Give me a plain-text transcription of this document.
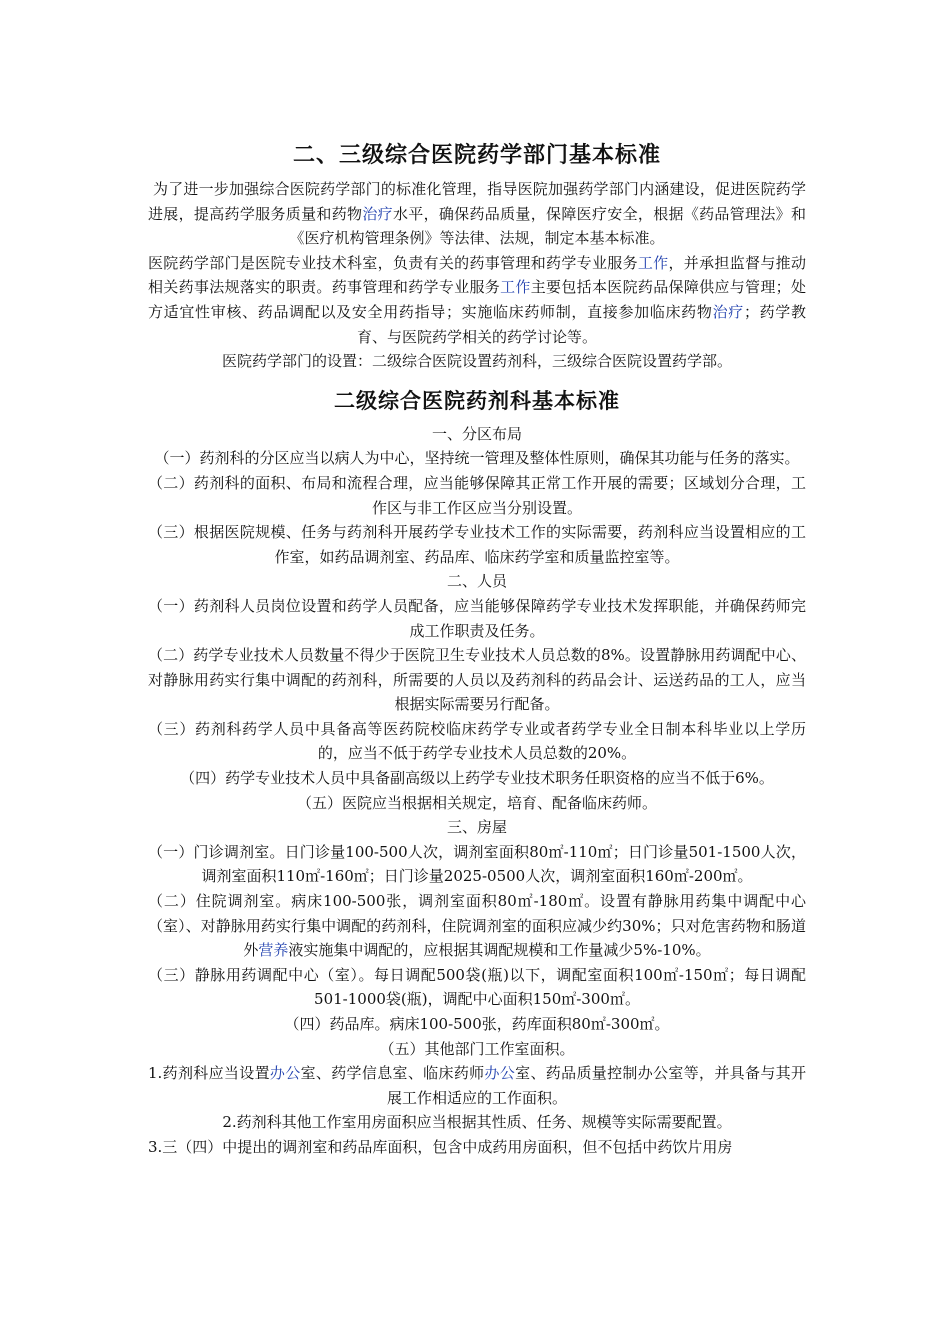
二、三级综合医院药学部门基本标准

为了进一步加强综合医院药学部门的标准化管理，指导医院加强药学部门内涵建设，促进医院药学进展，提高药学服务质量和药物治疗水平，确保药品质量，保障医疗安全，根据《药品管理法》和《医疗机构管理条例》等法律、法规，制定本基本标准。

医院药学部门是医院专业技术科室，负责有关的药事管理和药学专业服务工作，并承担监督与推动相关药事法规落实的职责。药事管理和药学专业服务工作主要包括本医院药品保障供应与管理；处方适宜性审核、药品调配以及安全用药指导；实施临床药师制，直接参加临床药物治疗；药学教育、与医院药学相关的药学讨论等。

医院药学部门的设置：二级综合医院设置药剂科，三级综合医院设置药学部。

二级综合医院药剂科基本标准

一、分区布局

（一）药剂科的分区应当以病人为中心，坚持统一管理及整体性原则，确保其功能与任务的落实。

（二）药剂科的面积、布局和流程合理，应当能够保障其正常工作开展的需要；区域划分合理，工作区与非工作区应当分别设置。

（三）根据医院规模、任务与药剂科开展药学专业技术工作的实际需要，药剂科应当设置相应的工作室，如药品调剂室、药品库、临床药学室和质量监控室等。

二、人员

（一）药剂科人员岗位设置和药学人员配备，应当能够保障药学专业技术发挥职能，并确保药师完成工作职责及任务。

（二）药学专业技术人员数量不得少于医院卫生专业技术人员总数的8%。设置静脉用药调配中心、对静脉用药实行集中调配的药剂科，所需要的人员以及药剂科的药品会计、运送药品的工人，应当根据实际需要另行配备。

（三）药剂科药学人员中具备高等医药院校临床药学专业或者药学专业全日制本科毕业以上学历的，应当不低于药学专业技术人员总数的20%。

（四）药学专业技术人员中具备副高级以上药学专业技术职务任职资格的应当不低于6%。

（五）医院应当根据相关规定，培育、配备临床药师。

三、房屋

（一）门诊调剂室。日门诊量100-500人次，调剂室面积80㎡-110㎡；日门诊量501-1500人次，调剂室面积110㎡-160㎡；日门诊量2025-0500人次，调剂室面积160㎡-200㎡。

（二）住院调剂室。病床100-500张，调剂室面积80㎡-180㎡。设置有静脉用药集中调配中心（室）、对静脉用药实行集中调配的药剂科，住院调剂室的面积应减少约30%；只对危害药物和肠道外营养液实施集中调配的，应根据其调配规模和工作量减少5%-10%。

（三）静脉用药调配中心（室）。每日调配500袋(瓶)以下，调配室面积100㎡-150㎡；每日调配501-1000袋(瓶)，调配中心面积150㎡-300㎡。

（四）药品库。病床100-500张，药库面积80㎡-300㎡。

（五）其他部门工作室面积。

1.药剂科应当设置办公室、药学信息室、临床药师办公室、药品质量控制办公室等，并具备与其开展工作相适应的工作面积。

2.药剂科其他工作室用房面积应当根据其性质、任务、规模等实际需要配置。

3.三（四）中提出的调剂室和药品库面积，包含中成药用房面积，但不包括中药饮片用房
